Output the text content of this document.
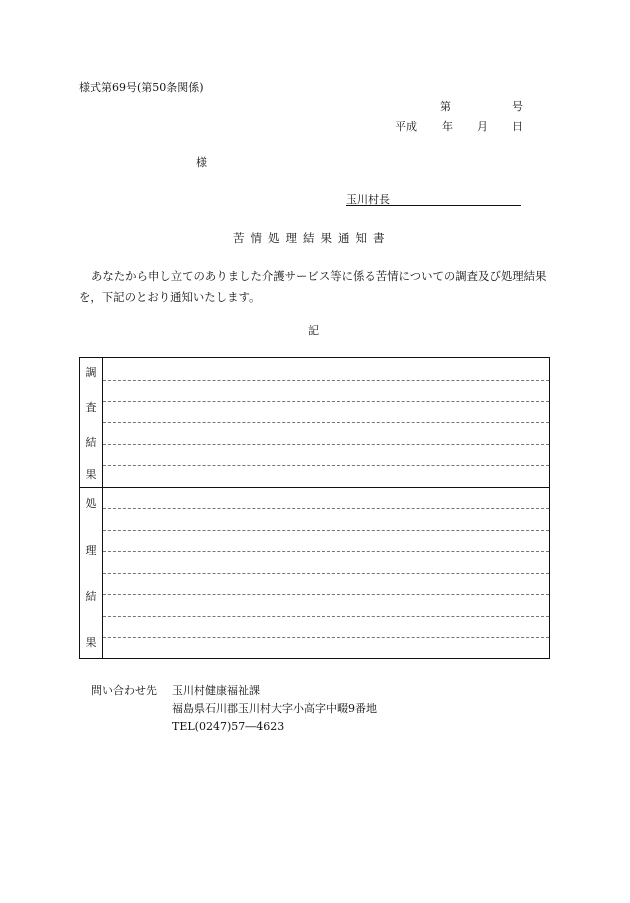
様式第69号(第50条関係)
第	号
平成 年 月 日
様
玉川村長
苦情処理結果通知書
あなたから申し立てのありました介護サービス等に係る苦情についての調査及び処理結果を，下記のとおり通知いたします。
記
調
査
結
果
処
理
結
果
問い合わせ先 玉川村健康福祉課
福島県石川郡玉川村大字小高字中畷9番地
TEL(0247)57―4623
